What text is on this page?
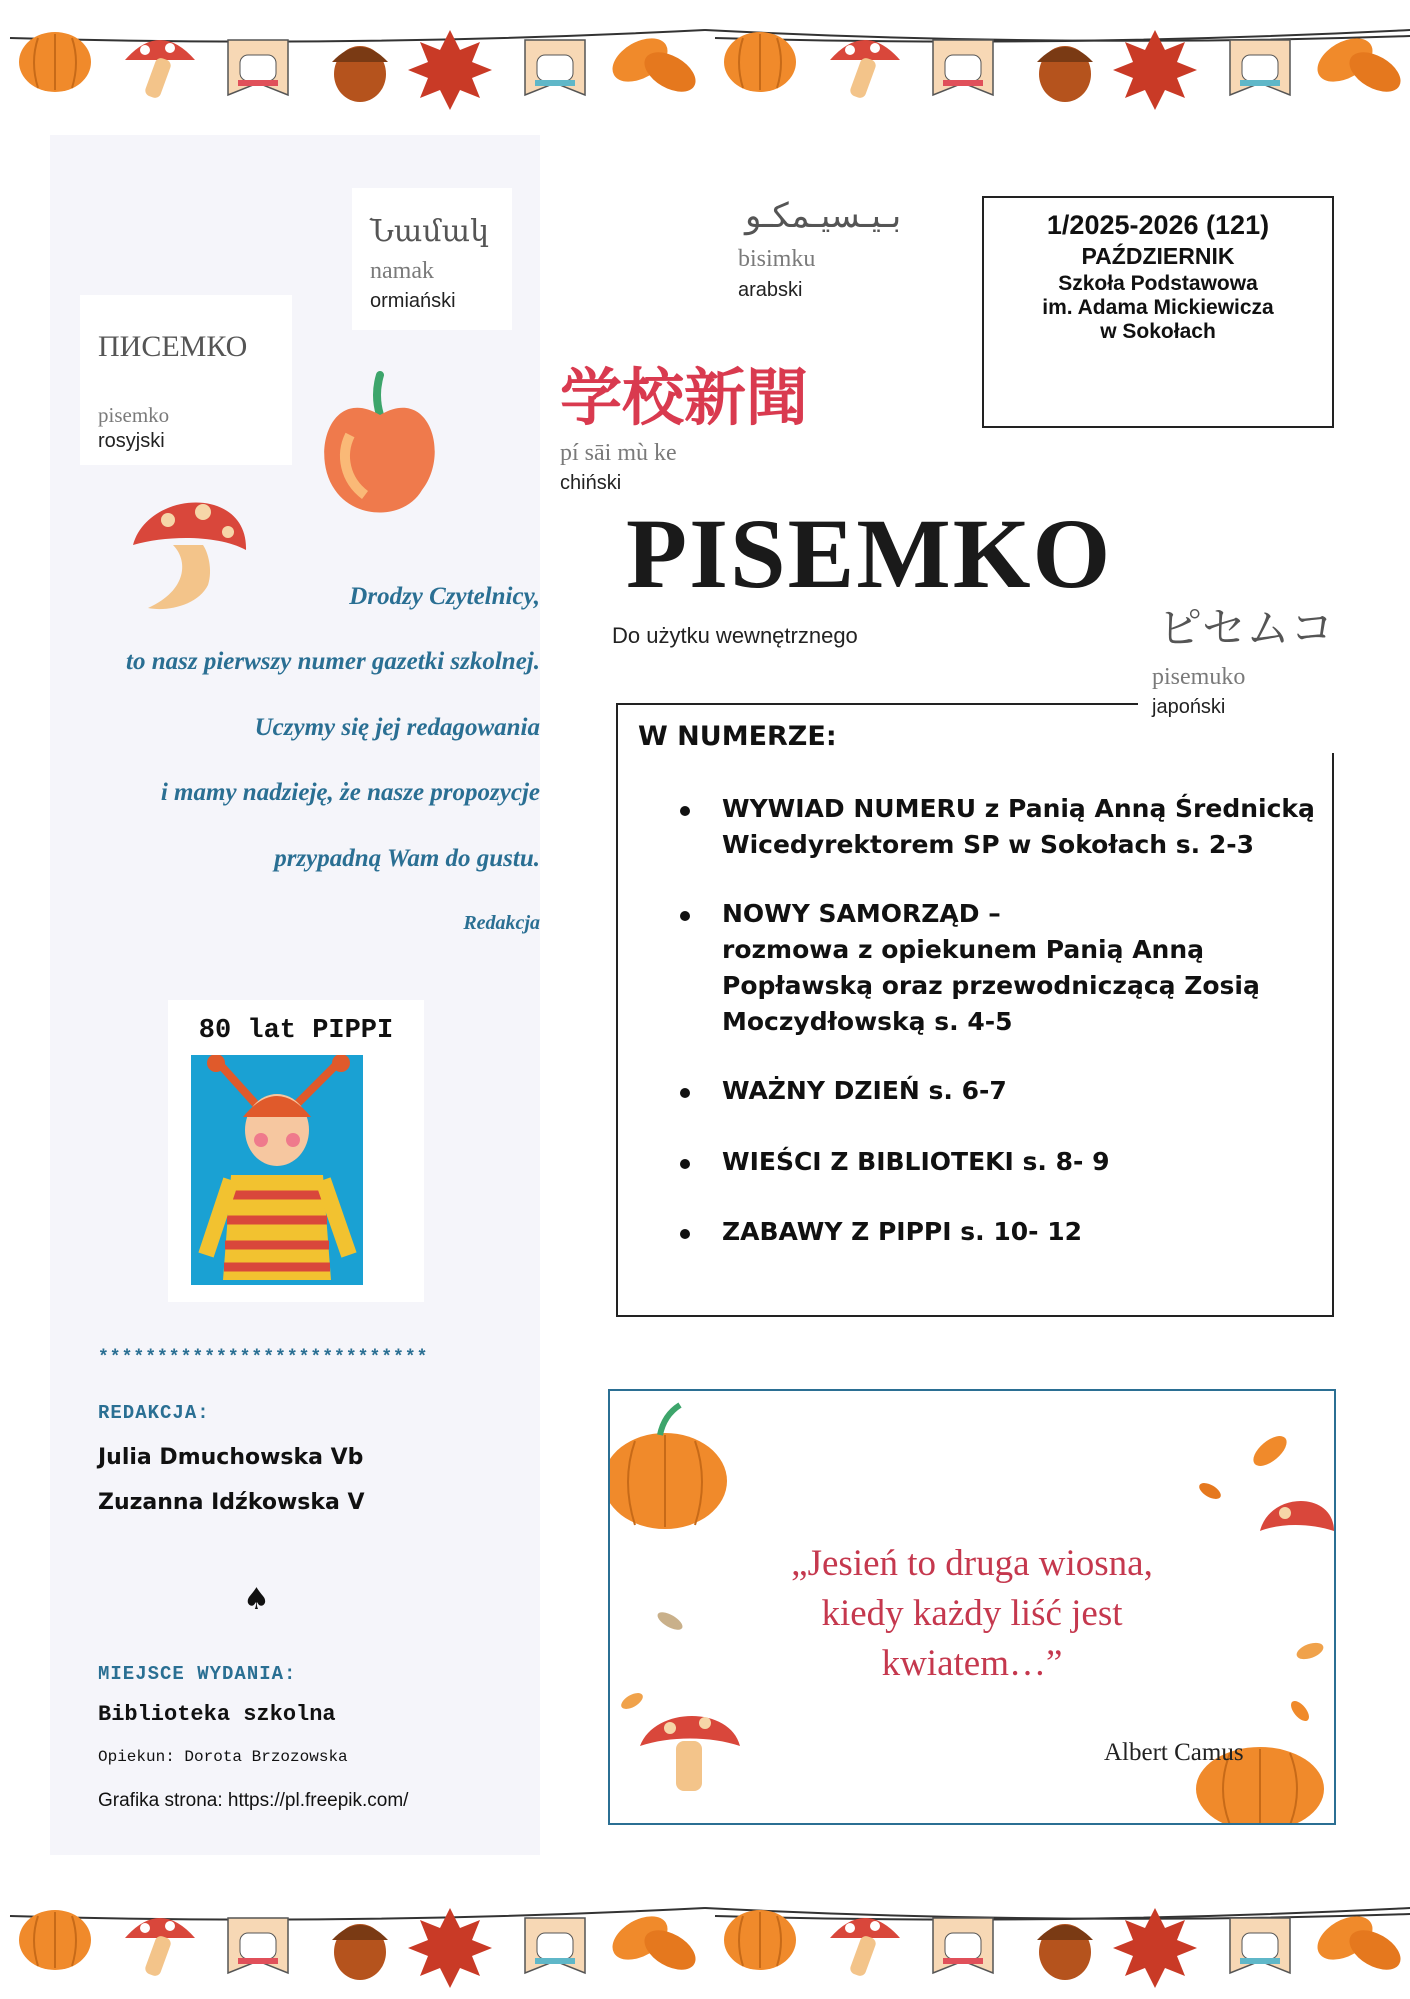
Նամակ
namak
ormiański
ПИСЕМКО
pisemko
rosyjski
Drodzy Czytelnicy,
to nasz pierwszy numer gazetki szkolnej.
Uczymy się jej redagowania
i mamy nadzieję, że nasze propozycje
przypadną Wam do gustu.
Redakcja
80 lat PIPPI
****************************
REDAKCJA:
Julia Dmuchowska Vb
Zuzanna Idźkowska V
♠
MIEJSCE WYDANIA:
Biblioteka szkolna
Opiekun: Dorota Brzozowska
Grafika strona: https://pl.freepik.com/
بـيـسيـمكـو
bisimku
arabski
1/2025-2026 (121)
PAŹDZIERNIK
Szkoła Podstawowa
im. Adama Mickiewicza
w Sokołach
学校新聞
pí sāi mù ke
chiński
PISEMKO
Do użytku wewnętrznego	ピセムコ
pisemuko
japoński
W NUMERZE:
WYWIAD NUMERU z Panią Anną Średnicką
Wicedyrektorem SP w Sokołach s. 2-3
NOWY SAMORZĄD –
rozmowa z opiekunem Panią Anną
Popławską oraz przewodniczącą Zosią
Moczydłowską s. 4-5
WAŻNY DZIEŃ s. 6-7
WIEŚCI Z BIBLIOTEKI s. 8- 9
ZABAWY Z PIPPI s. 10- 12
„Jesień to druga wiosna,
kiedy każdy liść jest
kwiatem…”
Albert Camus
